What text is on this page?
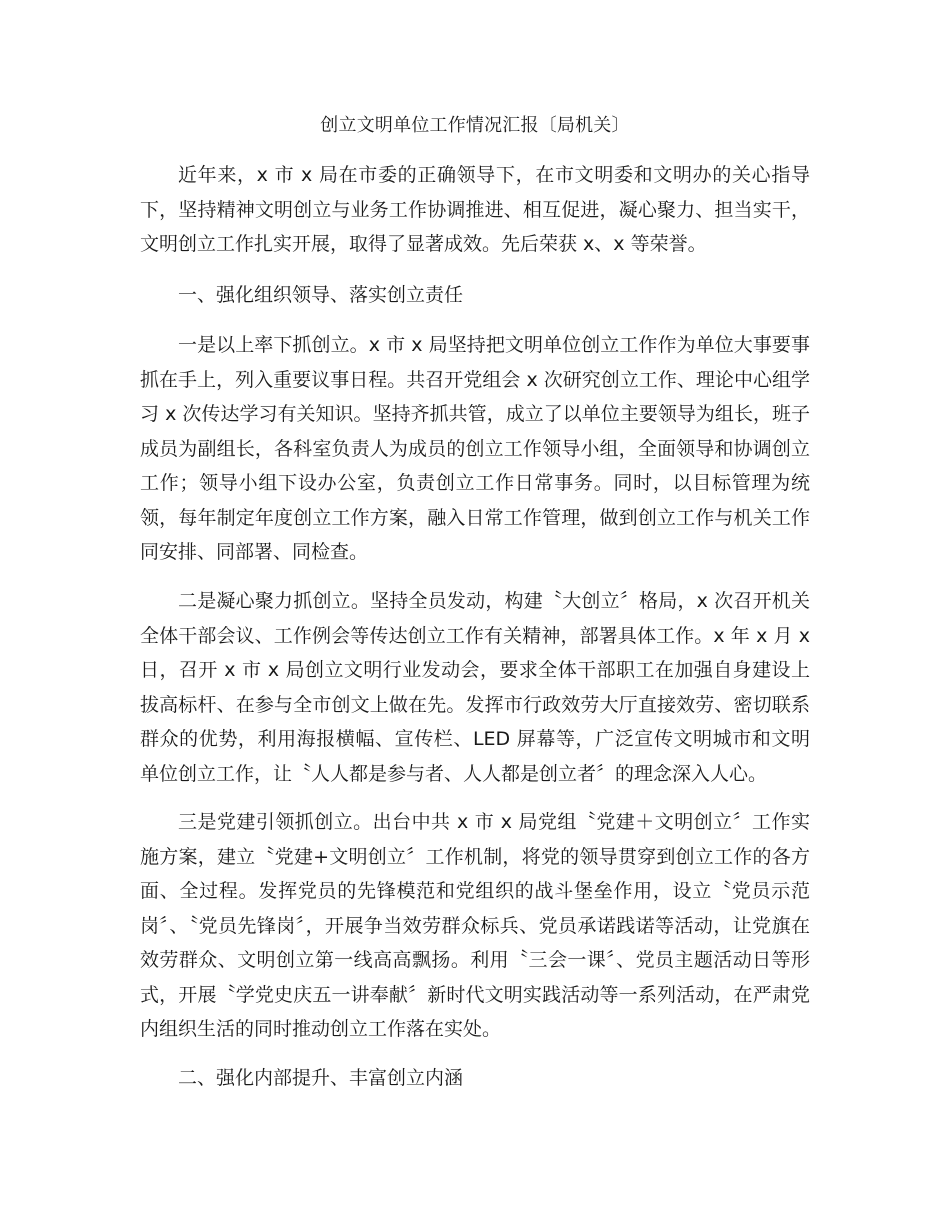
创立文明单位工作情况汇报〔局机关〕

近年来，x 市 x 局在市委的正确领导下，在市文明委和文明办的关心指导下，坚持精神文明创立与业务工作协调推进、相互促进，凝心聚力、担当实干，文明创立工作扎实开展，取得了显著成效。先后荣获 x、x 等荣誉。

一、强化组织领导、落实创立责任

一是以上率下抓创立。x 市 x 局坚持把文明单位创立工作作为单位大事要事抓在手上，列入重要议事日程。共召开党组会 x 次研究创立工作、理论中心组学习 x 次传达学习有关知识。坚持齐抓共管，成立了以单位主要领导为组长，班子成员为副组长，各科室负责人为成员的创立工作领导小组，全面领导和协调创立工作；领导小组下设办公室，负责创立工作日常事务。同时，以目标管理为统领，每年制定年度创立工作方案，融入日常工作管理，做到创立工作与机关工作同安排、同部署、同检查。

二是凝心聚力抓创立。坚持全员发动，构建〝大创立〞格局，x 次召开机关全体干部会议、工作例会等传达创立工作有关精神，部署具体工作。x 年 x 月 x 日，召开 x 市 x 局创立文明行业发动会，要求全体干部职工在加强自身建设上拔高标杆、在参与全市创文上做在先。发挥市行政效劳大厅直接效劳、密切联系群众的优势，利用海报横幅、宣传栏、LED 屏幕等，广泛宣传文明城市和文明单位创立工作，让〝人人都是参与者、人人都是创立者〞的理念深入人心。

三是党建引领抓创立。出台中共 x 市 x 局党组〝党建＋文明创立〞工作实施方案，建立〝党建+文明创立〞工作机制，将党的领导贯穿到创立工作的各方面、全过程。发挥党员的先锋模范和党组织的战斗堡垒作用，设立〝党员示范岗〞、〝党员先锋岗〞，开展争当效劳群众标兵、党员承诺践诺等活动，让党旗在效劳群众、文明创立第一线高高飘扬。利用〝三会一课〞、党员主题活动日等形式，开展〝学党史庆五一讲奉献〞新时代文明实践活动等一系列活动，在严肃党内组织生活的同时推动创立工作落在实处。

二、强化内部提升、丰富创立内涵
